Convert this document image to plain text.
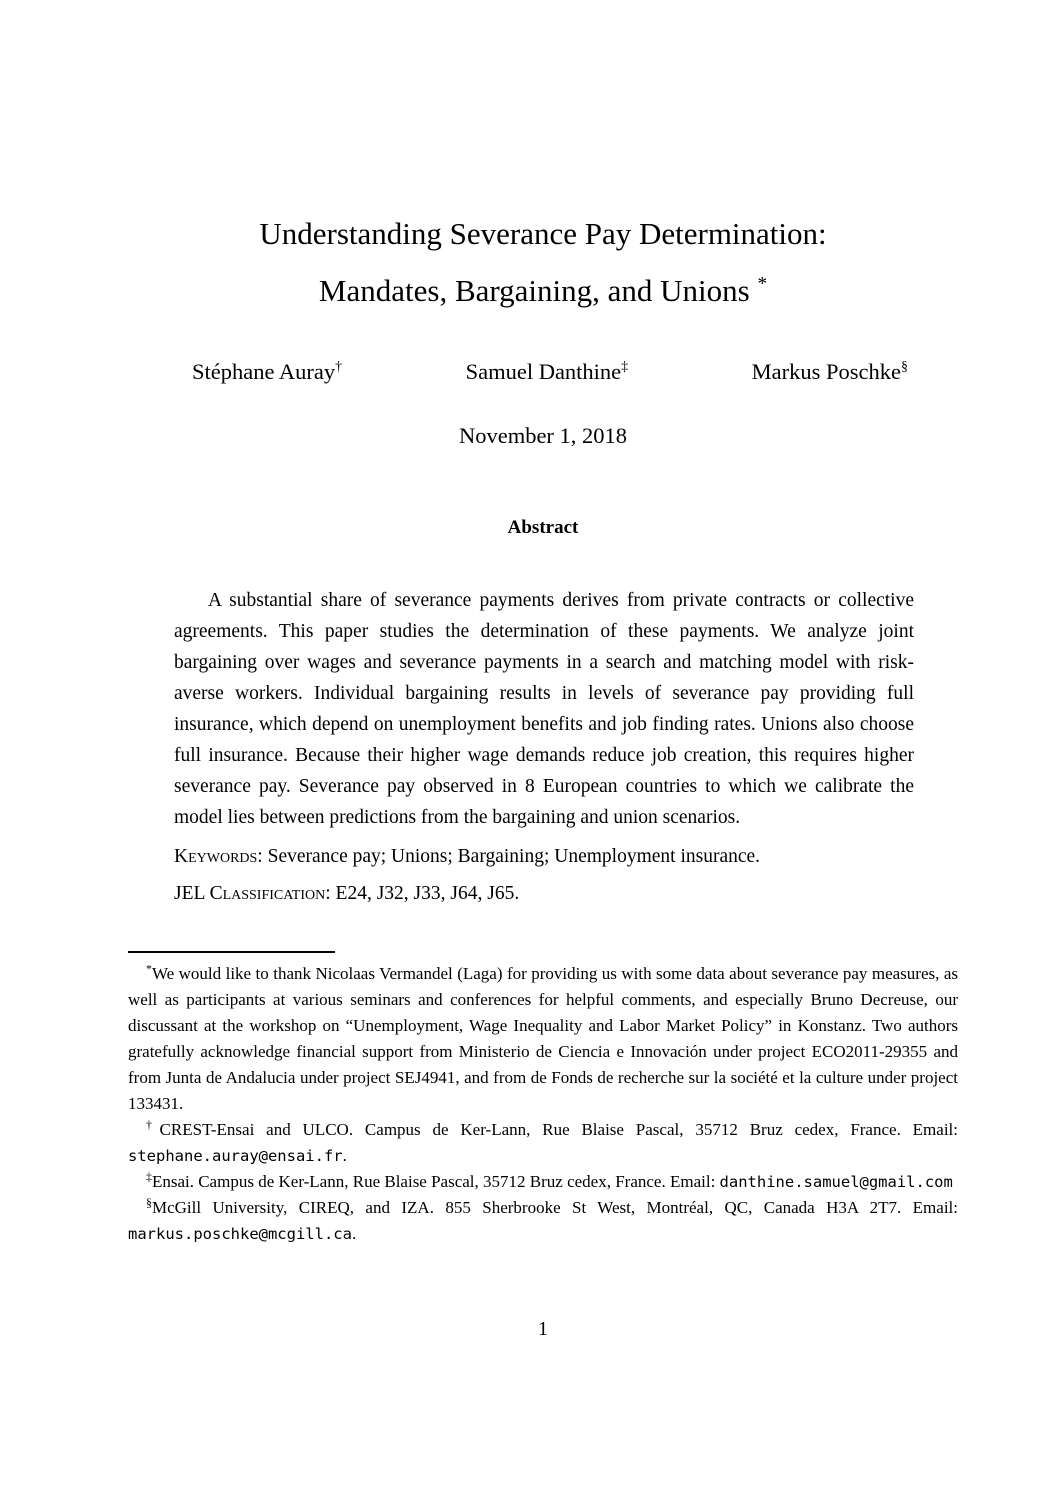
Understanding Severance Pay Determination:
Mandates, Bargaining, and Unions *
Stéphane Auray†	Samuel Danthine‡	Markus Poschke§
November 1, 2018
Abstract

A substantial share of severance payments derives from private contracts or collective agreements. This paper studies the determination of these payments. We analyze joint bargaining over wages and severance payments in a search and matching model with risk-averse workers. Individual bargaining results in levels of severance pay providing full insurance, which depend on unemployment benefits and job finding rates. Unions also choose full insurance. Because their higher wage demands reduce job creation, this requires higher severance pay. Severance pay observed in 8 European countries to which we calibrate the model lies between predictions from the bargaining and union scenarios.

Keywords: Severance pay; Unions; Bargaining; Unemployment insurance.

JEL Classification: E24, J32, J33, J64, J65.

*We would like to thank Nicolaas Vermandel (Laga) for providing us with some data about severance pay measures, as well as participants at various seminars and conferences for helpful comments, and especially Bruno Decreuse, our discussant at the workshop on “Unemployment, Wage Inequality and Labor Market Policy” in Konstanz. Two authors gratefully acknowledge financial support from Ministerio de Ciencia e Innovación under project ECO2011-29355 and from Junta de Andalucia under project SEJ4941, and from de Fonds de recherche sur la société et la culture under project 133431.

†CREST-Ensai and ULCO. Campus de Ker-Lann, Rue Blaise Pascal, 35712 Bruz cedex, France. Email: stephane.auray@ensai.fr.

‡Ensai. Campus de Ker-Lann, Rue Blaise Pascal, 35712 Bruz cedex, France. Email: danthine.samuel@gmail.com

§McGill University, CIREQ, and IZA. 855 Sherbrooke St West, Montréal, QC, Canada H3A 2T7. Email: markus.poschke@mcgill.ca.

1
